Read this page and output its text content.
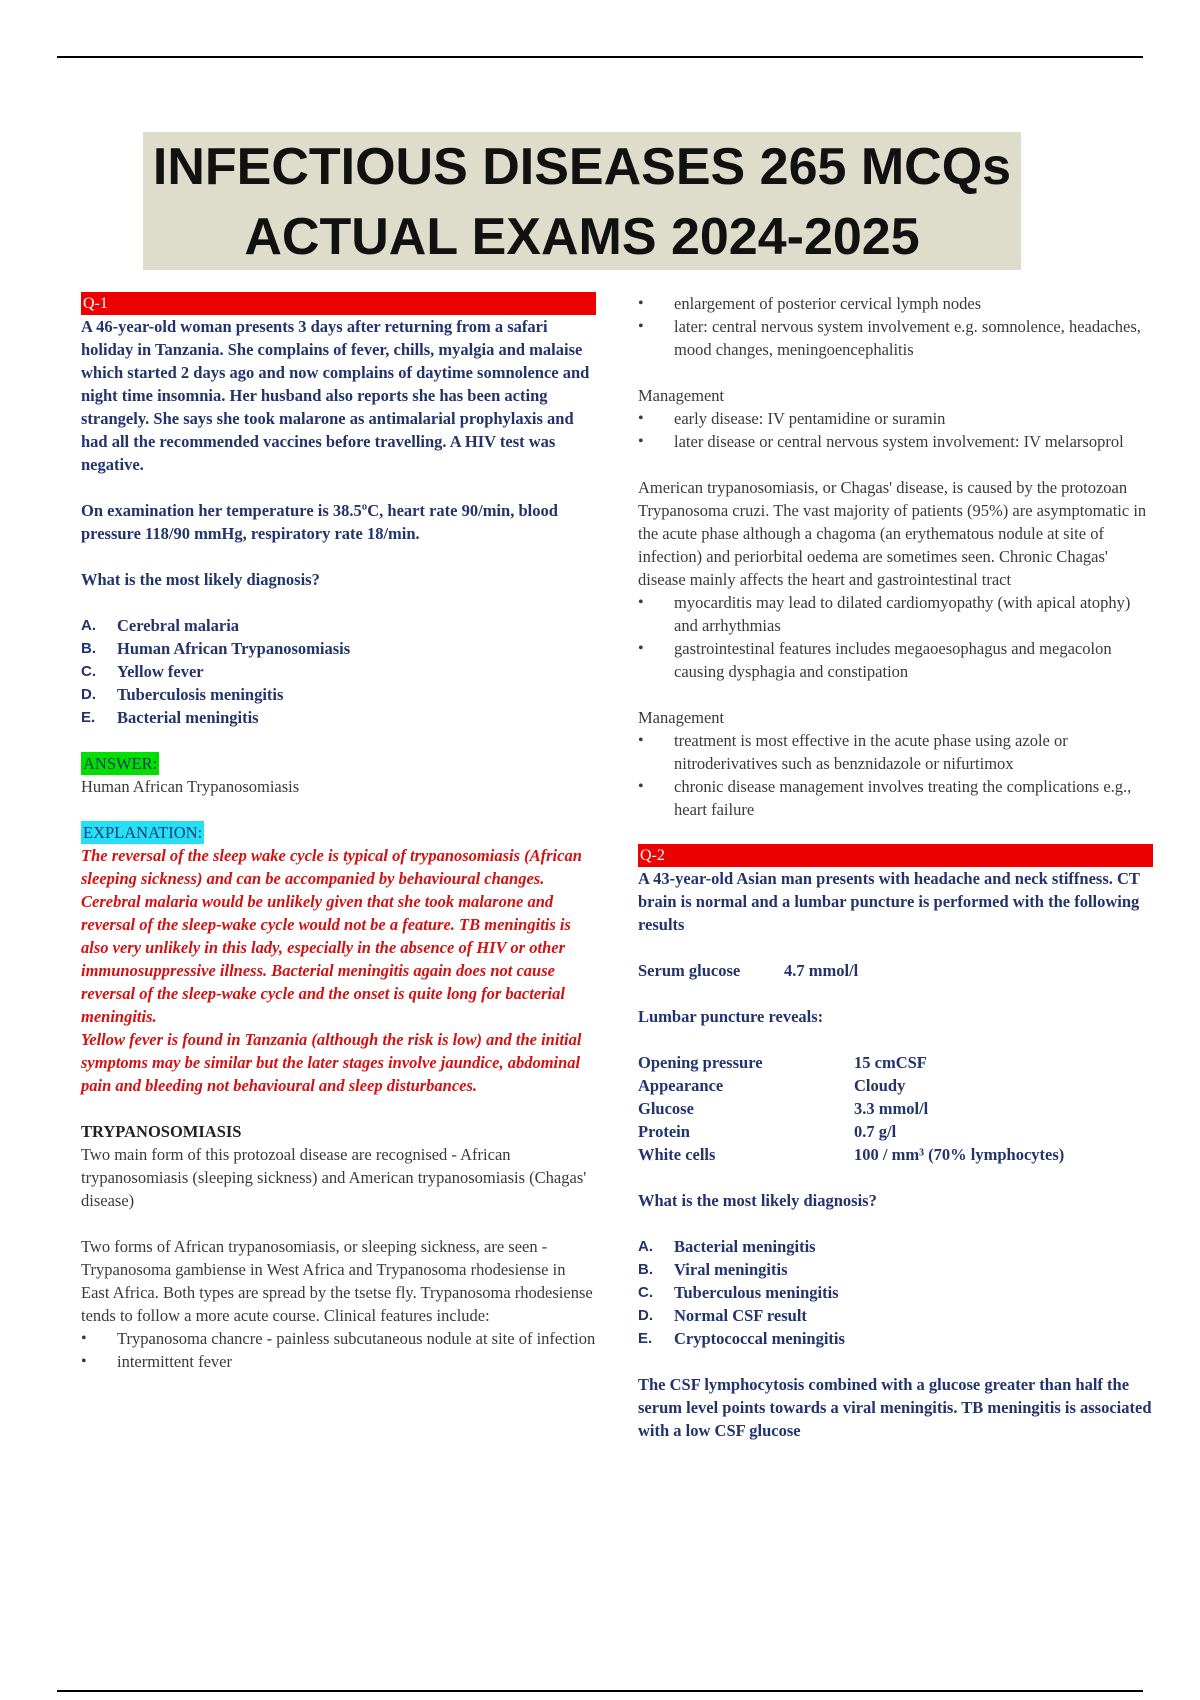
INFECTIOUS DISEASES 265 MCQs
ACTUAL EXAMS 2024-2025
Q-1

A 46-year-old woman presents 3 days after returning from a safari holiday in Tanzania. She complains of fever, chills, myalgia and malaise which started 2 days ago and now complains of daytime somnolence and night time insomnia. Her husband also reports she has been acting strangely. She says she took malarone as antimalarial prophylaxis and had all the recommended vaccines before travelling. A HIV test was negative.

On examination her temperature is 38.5ºC, heart rate 90/min, blood pressure 118/90 mmHg, respiratory rate 18/min.

What is the most likely diagnosis?

A.	Cerebral malaria
B.	Human African Trypanosomiasis
C.	Yellow fever
D.	Tuberculosis meningitis
E.	Bacterial meningitis
ANSWER:

Human African Trypanosomiasis

EXPLANATION:

The reversal of the sleep wake cycle is typical of trypanosomiasis (African sleeping sickness) and can be accompanied by behavioural changes. Cerebral malaria would be unlikely given that she took malarone and reversal of the sleep-wake cycle would not be a feature. TB meningitis is also very unlikely in this lady, especially in the absence of HIV or other immunosuppressive illness. Bacterial meningitis again does not cause reversal of the sleep-wake cycle and the onset is quite long for bacterial meningitis.

Yellow fever is found in Tanzania (although the risk is low) and the initial symptoms may be similar but the later stages involve jaundice, abdominal pain and bleeding not behavioural and sleep disturbances.

TRYPANOSOMIASIS

Two main form of this protozoal disease are recognised - African trypanosomiasis (sleeping sickness) and American trypanosomiasis (Chagas' disease)

Two forms of African trypanosomiasis, or sleeping sickness, are seen - Trypanosoma gambiense in West Africa and Trypanosoma rhodesiense in East Africa. Both types are spread by the tsetse fly. Trypanosoma rhodesiense tends to follow a more acute course. Clinical features include:

• Trypanosoma chancre - painless subcutaneous nodule at site of infection
• intermittent fever
• enlargement of posterior cervical lymph nodes
• later: central nervous system involvement e.g. somnolence, headaches, mood changes, meningoencephalitis

Management

• early disease: IV pentamidine or suramin
• later disease or central nervous system involvement: IV melarsoprol

American trypanosomiasis, or Chagas' disease, is caused by the protozoan Trypanosoma cruzi. The vast majority of patients (95%) are asymptomatic in the acute phase although a chagoma (an erythematous nodule at site of infection) and periorbital oedema are sometimes seen. Chronic Chagas' disease mainly affects the heart and gastrointestinal tract

• myocarditis may lead to dilated cardiomyopathy (with apical atophy) and arrhythmias
• gastrointestinal features includes megaoesophagus and megacolon causing dysphagia and constipation

Management

• treatment is most effective in the acute phase using azole or nitroderivatives such as benznidazole or nifurtimox
• chronic disease management involves treating the complications e.g., heart failure
Q-2

A 43-year-old Asian man presents with headache and neck stiffness. CT brain is normal and a lumbar puncture is performed with the following results

Serum glucose	4.7 mmol/l

Lumbar puncture reveals:

Opening pressure	15 cmCSF
Appearance	Cloudy
Glucose	3.3 mmol/l
Protein	0.7 g/l
White cells	100 / mm³ (70% lymphocytes)

What is the most likely diagnosis?

A.	Bacterial meningitis
B.	Viral meningitis
C.	Tuberculous meningitis
D.	Normal CSF result
E.	Cryptococcal meningitis

The CSF lymphocytosis combined with a glucose greater than half the serum level points towards a viral meningitis. TB meningitis is associated with a low CSF glucose
